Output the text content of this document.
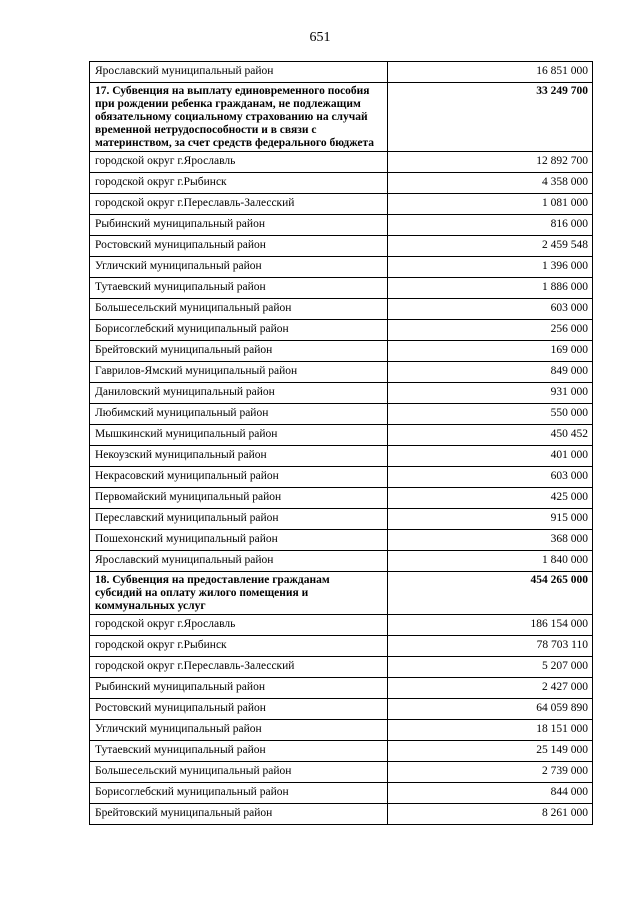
651
Ярославский муниципальный район	16 851 000
17. Субвенция на выплату единовременного пособия при рождении ребенка гражданам, не подлежащим обязательному социальному страхованию на случай временной нетрудоспособности и в связи с материнством, за счет средств федерального бюджета	33 249 700
городской округ г.Ярославль	12 892 700
городской округ г.Рыбинск	4 358 000
городской округ г.Переславль-Залесский	1 081 000
Рыбинский муниципальный район	816 000
Ростовский муниципальный район	2 459 548
Угличский муниципальный район	1 396 000
Тутаевский муниципальный район	1 886 000
Большесельский муниципальный район	603 000
Борисоглебский муниципальный район	256 000
Брейтовский муниципальный район	169 000
Гаврилов-Ямский муниципальный район	849 000
Даниловский муниципальный район	931 000
Любимский муниципальный район	550 000
Мышкинский муниципальный район	450 452
Некоузский муниципальный район	401 000
Некрасовский муниципальный район	603 000
Первомайский муниципальный район	425 000
Переславский муниципальный район	915 000
Пошехонский муниципальный район	368 000
Ярославский муниципальный район	1 840 000
18. Субвенция на предоставление гражданам субсидий на оплату жилого помещения и коммунальных услуг	454 265 000
городской округ г.Ярославль	186 154 000
городской округ г.Рыбинск	78 703 110
городской округ г.Переславль-Залесский	5 207 000
Рыбинский муниципальный район	2 427 000
Ростовский муниципальный район	64 059 890
Угличский муниципальный район	18 151 000
Тутаевский муниципальный район	25 149 000
Большесельский муниципальный район	2 739 000
Борисоглебский муниципальный район	844 000
Брейтовский муниципальный район	8 261 000
